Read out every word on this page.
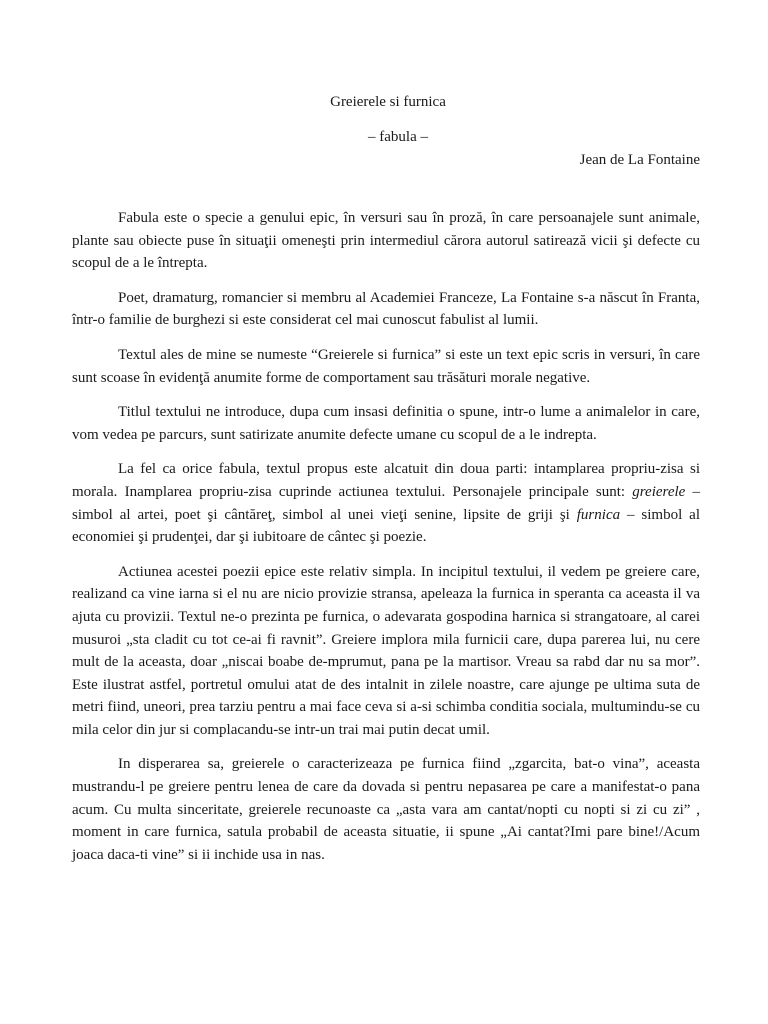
Greierele si furnica
– fabula –
Jean de La Fontaine

Fabula este o specie a genului epic, în versuri sau în proză, în care persoanajele sunt animale, plante sau obiecte puse în situaţii omeneşti prin intermediul cărora autorul satirează vicii şi defecte cu scopul de a le întrepta.

Poet, dramaturg, romancier si membru al Academiei Franceze, La Fontaine s-a născut în Franta, într-o familie de burghezi si este considerat cel mai cunoscut fabulist al lumii.

Textul ales de mine se numeste “Greierele si furnica” si este un text epic scris in versuri, în care sunt scoase în evidenţă anumite forme de comportament sau trăsături morale negative.

Titlul textului ne introduce, dupa cum insasi definitia o spune, intr-o lume a animalelor in care, vom vedea pe parcurs, sunt satirizate anumite defecte umane cu scopul de a le indrepta.

La fel ca orice fabula, textul propus este alcatuit din doua parti: intamplarea propriu-zisa si morala. Inamplarea propriu-zisa cuprinde actiunea textului. Personajele principale sunt: greierele – simbol al artei, poet şi cântăreţ, simbol al unei vieţi senine, lipsite de griji şi furnica – simbol al economiei şi prudenţei, dar şi iubitoare de cântec şi poezie.

Actiunea acestei poezii epice este relativ simpla. In incipitul textului, il vedem pe greiere care, realizand ca vine iarna si el nu are nicio provizie stransa, apeleaza la furnica in speranta ca aceasta il va ajuta cu provizii. Textul ne-o prezinta pe furnica, o adevarata gospodina harnica si strangatoare, al carei musuroi „sta cladit cu tot ce-ai fi ravnit”. Greiere implora mila furnicii care, dupa parerea lui, nu cere mult de la aceasta, doar „niscai boabe de-mprumut, pana pe la martisor. Vreau sa rabd dar nu sa mor”. Este ilustrat astfel, portretul omului atat de des intalnit in zilele noastre, care ajunge pe ultima suta de metri fiind, uneori, prea tarziu pentru a mai face ceva si a-si schimba conditia sociala, multumindu-se cu mila celor din jur si complacandu-se intr-un trai mai putin decat umil.

In disperarea sa, greierele o caracterizeaza pe furnica fiind „zgarcita, bat-o vina”, aceasta mustrandu-l pe greiere pentru lenea de care da dovada si pentru nepasarea pe care a manifestat-o pana acum. Cu multa sinceritate, greierele recunoaste ca „asta vara am cantat/nopti cu nopti si zi cu zi” , moment in care furnica, satula probabil de aceasta situatie, ii spune „Ai cantat?Imi pare bine!/Acum joaca daca-ti vine” si ii inchide usa in nas.
